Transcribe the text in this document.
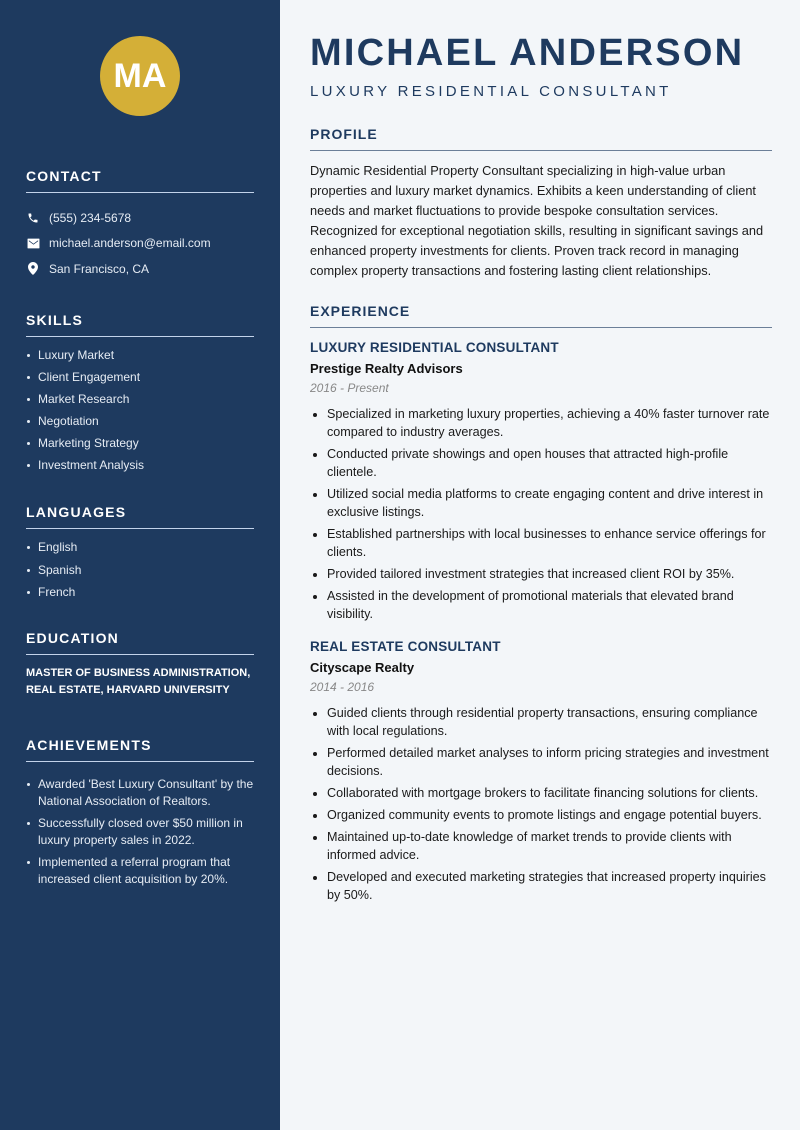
MA
CONTACT
(555) 234-5678
michael.anderson@email.com
San Francisco, CA
SKILLS
Luxury Market
Client Engagement
Market Research
Negotiation
Marketing Strategy
Investment Analysis
LANGUAGES
English
Spanish
French
EDUCATION

MASTER OF BUSINESS ADMINISTRATION, REAL ESTATE, HARVARD UNIVERSITY

ACHIEVEMENTS
Awarded 'Best Luxury Consultant' by the National Association of Realtors.
Successfully closed over $50 million in luxury property sales in 2022.
Implemented a referral program that increased client acquisition by 20%.
MICHAEL ANDERSON
LUXURY RESIDENTIAL CONSULTANT
PROFILE

Dynamic Residential Property Consultant specializing in high-value urban properties and luxury market dynamics. Exhibits a keen understanding of client needs and market fluctuations to provide bespoke consultation services. Recognized for exceptional negotiation skills, resulting in significant savings and enhanced property investments for clients. Proven track record in managing complex property transactions and fostering lasting client relationships.

EXPERIENCE
LUXURY RESIDENTIAL CONSULTANT
Prestige Realty Advisors
2016 - Present
Specialized in marketing luxury properties, achieving a 40% faster turnover rate compared to industry averages.
Conducted private showings and open houses that attracted high-profile clientele.
Utilized social media platforms to create engaging content and drive interest in exclusive listings.
Established partnerships with local businesses to enhance service offerings for clients.
Provided tailored investment strategies that increased client ROI by 35%.
Assisted in the development of promotional materials that elevated brand visibility.
REAL ESTATE CONSULTANT
Cityscape Realty
2014 - 2016
Guided clients through residential property transactions, ensuring compliance with local regulations.
Performed detailed market analyses to inform pricing strategies and investment decisions.
Collaborated with mortgage brokers to facilitate financing solutions for clients.
Organized community events to promote listings and engage potential buyers.
Maintained up-to-date knowledge of market trends to provide clients with informed advice.
Developed and executed marketing strategies that increased property inquiries by 50%.
